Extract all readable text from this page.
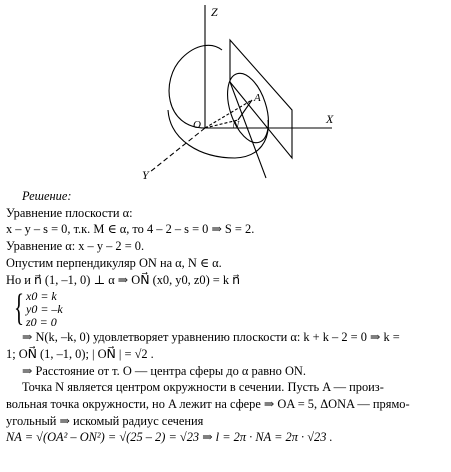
Z
X
Y
O	N
A
Решение:
Уравнение плоскости α:
x – y – s = 0, т.к. M ∈ α, то 4 – 2 – s = 0 ⇒ S = 2.
Уравнение α: x – y – 2 = 0.
Опустим перпендикуляр ON на α, N ∈ α.
Но и n⃗ (1, –1, 0) ⊥ α ⇒ ON⃗ (x0, y0, z0) = k n⃗
{ x0 = k
y0 = –k
z0 = 0
⇒ N(k, –k, 0) удовлетворяет уравнению плоскости α: k + k – 2 = 0 ⇒ k =
1; ON⃗ (1, –1, 0); | ON⃗ | = √2 .
⇒ Расстояние от т. O — центра сферы до α равно ON.
Точка N является центром окружности в сечении. Пусть A — произ-
вольная точка окружности, но A лежит на сфере ⇒ OA = 5, ΔONA — прямо-
угольный ⇒ искомый радиус сечения
NA = √(OA² – ON²) = √(25 – 2) = √23 ⇒ l = 2π · NA = 2π · √23 .
